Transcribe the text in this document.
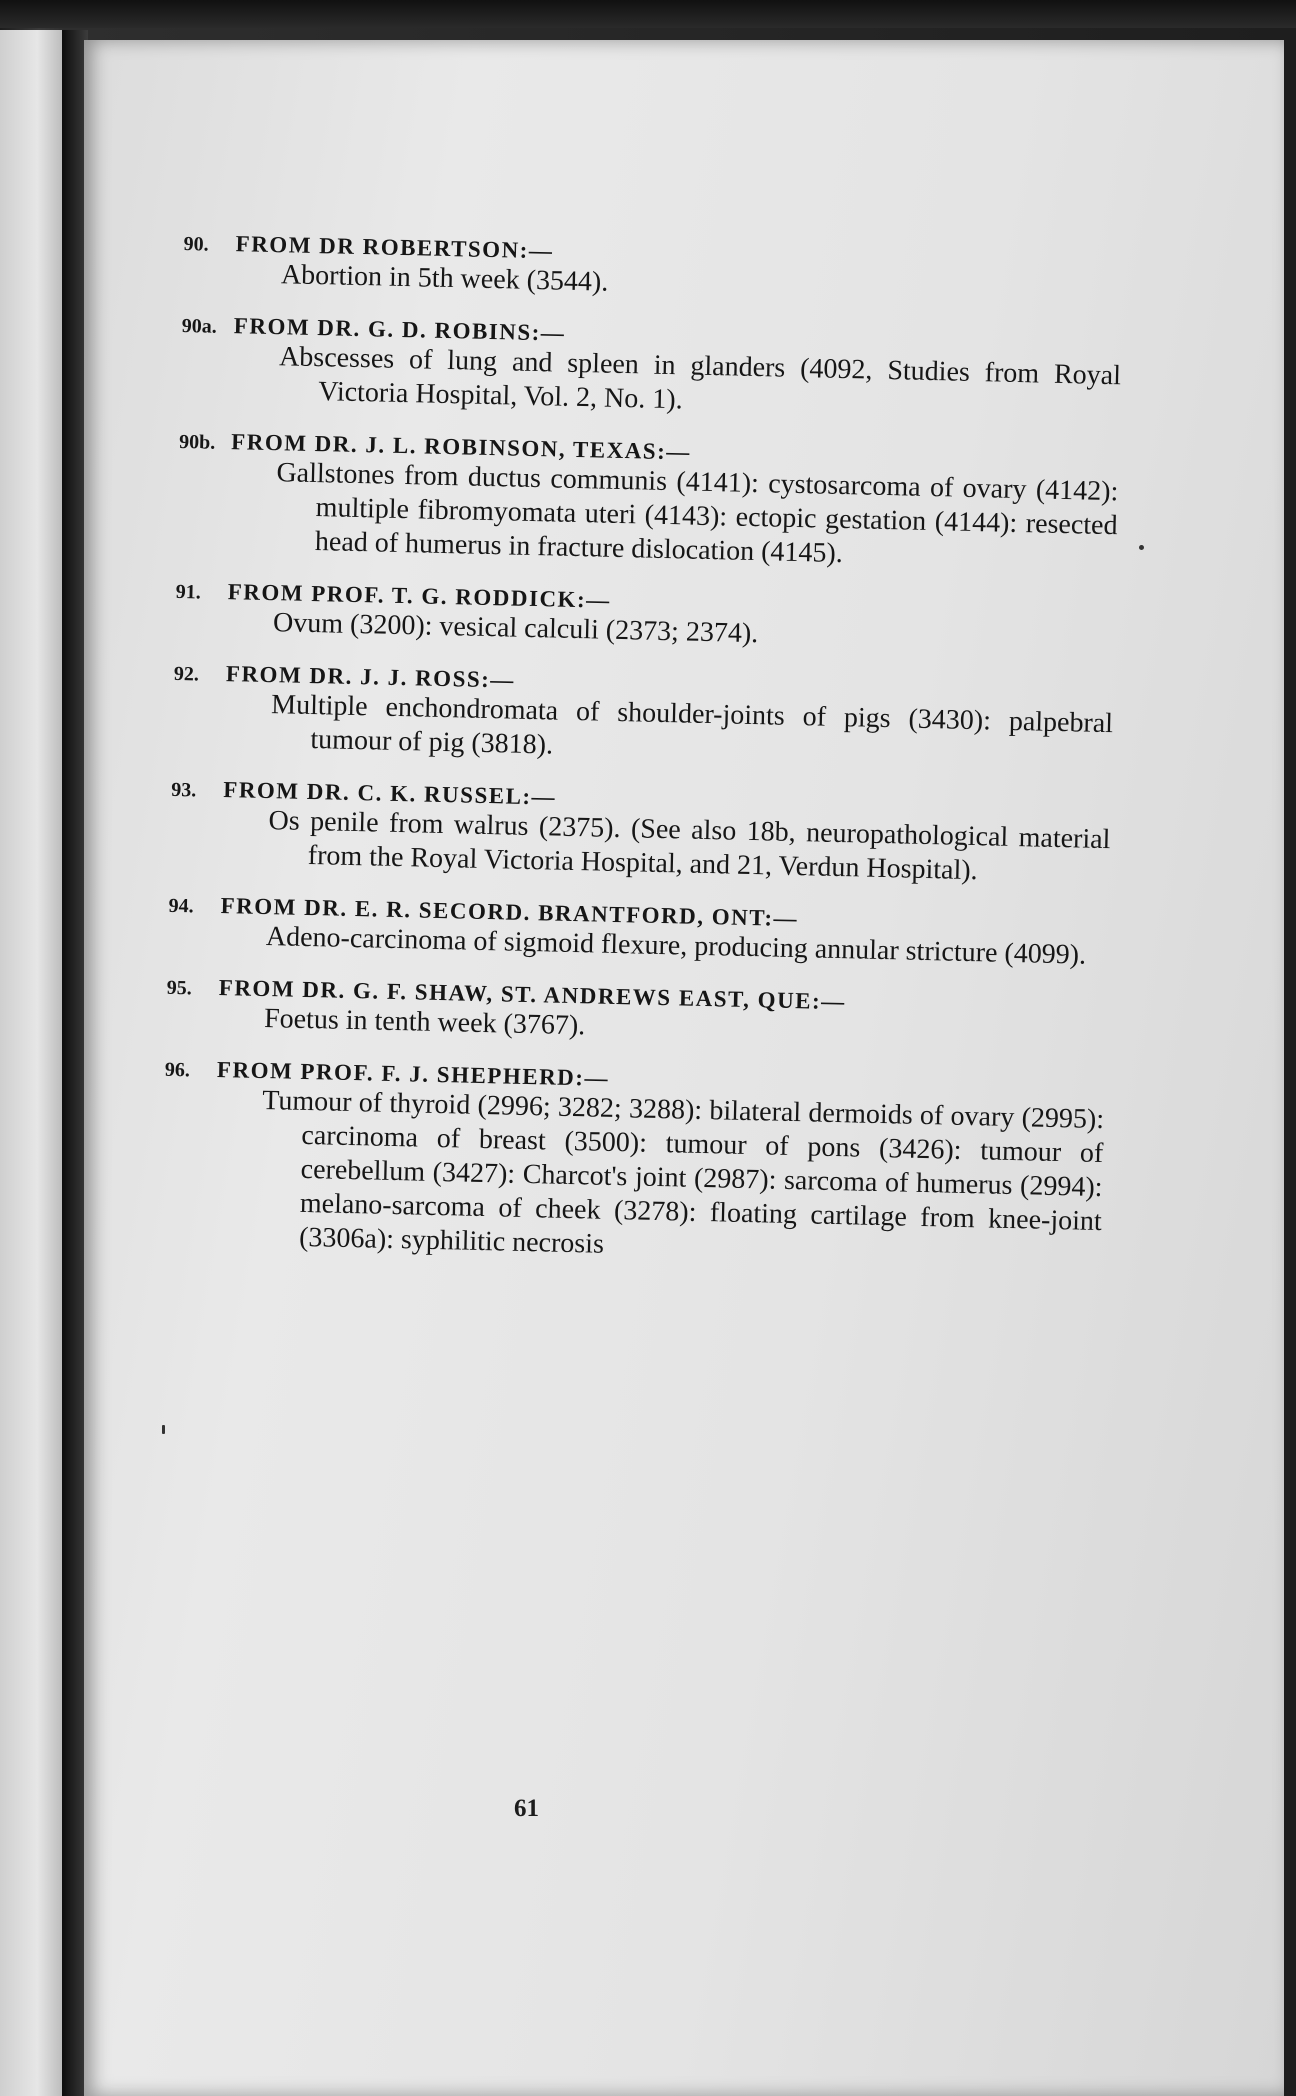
90. FROM DR ROBERTSON:—

Abortion in 5th week (3544).

90a. FROM DR. G. D. ROBINS:—

Abscesses of lung and spleen in glanders (4092, Studies from Royal Victoria Hospital, Vol. 2, No. 1).

90b. FROM DR. J. L. ROBINSON, TEXAS:—

Gallstones from ductus communis (4141): cystosarcoma of ovary (4142): multiple fibromyomata uteri (4143): ectopic gestation (4144): resected head of humerus in fracture dislocation (4145).

91. FROM PROF. T. G. RODDICK:—

Ovum (3200): vesical calculi (2373; 2374).

92. FROM DR. J. J. ROSS:—

Multiple enchondromata of shoulder-joints of pigs (3430): palpebral tumour of pig (3818).

93. FROM DR. C. K. RUSSEL:—

Os penile from walrus (2375). (See also 18b, neuropathological material from the Royal Victoria Hospital, and 21, Verdun Hospital).

94. FROM DR. E. R. SECORD. BRANTFORD, ONT:—

Adeno-carcinoma of sigmoid flexure, producing annular stricture (4099).

95. FROM DR. G. F. SHAW, ST. ANDREWS EAST, QUE:—

Foetus in tenth week (3767).

96. FROM PROF. F. J. SHEPHERD:—

Tumour of thyroid (2996; 3282; 3288): bilateral dermoids of ovary (2995): carcinoma of breast (3500): tumour of pons (3426): tumour of cerebellum (3427): Charcot's joint (2987): sarcoma of humerus (2994): melano-sarcoma of cheek (3278): floating cartilage from knee-joint (3306a): syphilitic necrosis

61
